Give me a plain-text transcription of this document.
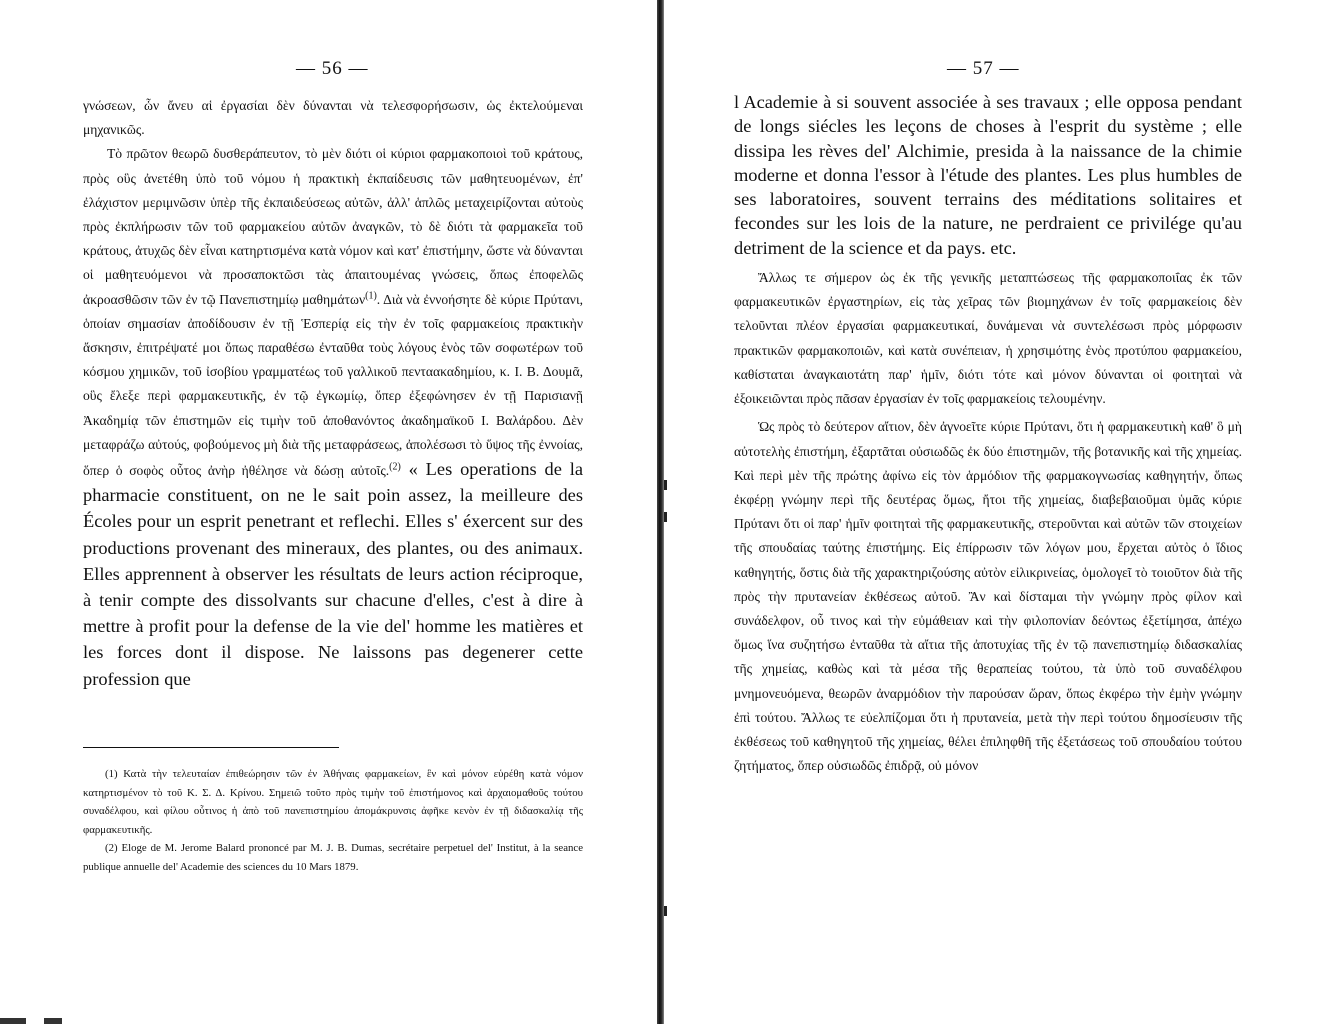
— 56 —

γνώσεων, ὧν ἄνευ αἱ ἐργασίαι δὲν δύνανται νὰ τελεσφορήσωσιν, ὡς ἐκτελούμεναι μηχανικῶς.

Τὸ πρῶτον θεωρῶ δυσθεράπευτον, τὸ μὲν διότι οἱ κύριοι φαρμακοποιοὶ τοῦ κράτους, πρὸς οὓς ἀνετέθη ὑπὸ τοῦ νόμου ἡ πρακτικὴ ἐκπαίδευσις τῶν μαθητευομένων, ἐπ' ἐλάχιστον μεριμνῶσιν ὑπὲρ τῆς ἐκπαιδεύσεως αὐτῶν, ἀλλ' ἁπλῶς μεταχειρίζονται αὐτοὺς πρὸς ἐκπλήρωσιν τῶν τοῦ φαρμακείου αὐτῶν ἀναγκῶν, τὸ δὲ διότι τὰ φαρμακεῖα τοῦ κράτους, ἀτυχῶς δὲν εἶναι κατηρτισμένα κατὰ νόμον καὶ κατ' ἐπιστήμην, ὥστε νὰ δύνανται οἱ μαθητευόμενοι νὰ προσαποκτῶσι τὰς ἀπαιτουμένας γνώσεις, ὅπως ἐποφελῶς ἀκροασθῶσιν τῶν ἐν τῷ Πανεπιστημίῳ μαθημάτων$^{(1)}$. Διὰ νὰ ἐννοήσητε δὲ κύριε Πρύτανι, ὁποίαν σημασίαν ἀποδίδουσιν ἐν τῇ Ἑσπερίᾳ εἰς τὴν ἐν τοῖς φαρμακείοις πρακτικὴν ἄσκησιν, ἐπιτρέψατέ μοι ὅπως παραθέσω ἐνταῦθα τοὺς λόγους ἑνὸς τῶν σοφωτέρων τοῦ κόσμου χημικῶν, τοῦ ἰσοβίου γραμματέως τοῦ γαλλικοῦ πενταακαδημίου, κ. Ι. Β. Δουμᾶ, οὓς ἔλεξε περὶ φαρμακευτικῆς, ἐν τῷ ἐγκωμίῳ, ὅπερ ἐξεφώνησεν ἐν τῇ Παρισιανῇ Ἀκαδημίᾳ τῶν ἐπιστημῶν εἰς τιμὴν τοῦ ἀποθανόντος ἀκαδημαϊκοῦ Ι. Βαλάρδου. Δὲν μεταφράζω αὐτούς, φοβούμενος μὴ διὰ τῆς μεταφράσεως, ἀπολέσωσι τὸ ὕψος τῆς ἐννοίας, ὅπερ ὁ σοφὸς οὗτος ἀνὴρ ἠθέλησε νὰ δώσῃ αὐτοῖς.$^{(2)}$ « Les operations de la pharmacie constituent, on ne le sait poin assez, la meilleure des Écoles pour un esprit penetrant et reflechi. Elles s' éxercent sur des productions provenant des mineraux, des plantes, ou des animaux. Elles apprennent à observer les résultats de leurs action réciproque, à tenir compte des dissolvants sur chacune d'elles, c'est à dire à mettre à profit pour la defense de la vie del' homme les matières et les forces dont il dispose. Ne laissons pas degenerer cette profession que

(1) Κατὰ τὴν τελευταίαν ἐπιθεώρησιν τῶν ἐν Ἀθήναις φαρμακείων, ἓν καὶ μόνον εὑρέθη κατὰ νόμον κατηρτισμένον τὸ τοῦ Κ. Σ. Δ. Κρίνου. Σημειῶ τοῦτο πρὸς τιμὴν τοῦ ἐπιστήμονος καὶ ἀρχαιομαθοῦς τούτου συναδέλφου, καὶ φίλου οὗτινος ἡ ἀπὸ τοῦ πανεπιστημίου ἀπομάκρυνσις ἀφῆκε κενὸν ἐν τῇ διδασκαλίᾳ τῆς φαρμακευτικῆς.

(2) Eloge de M. Jerome Balard prononcé par M. J. B. Dumas, secrétaire perpetuel del' Institut, à la seance publique annuelle del' Academie des sciences du 10 Mars 1879.

— 57 —

l Academie à si souvent associée à ses travaux ; elle opposa pendant de longs siécles les leçons de choses à l'esprit du système ; elle dissipa les rèves del' Alchimie, presida à la naissance de la chimie moderne et donna l'essor à l'étude des plantes. Les plus humbles de ses laboratoires, souvent terrains des méditations solitaires et fecondes sur les lois de la nature, ne perdraient ce privilége qu'au detriment de la science et da pays. etc.

Ἄλλως τε σήμερον ὡς ἐκ τῆς γενικῆς μεταπτώσεως τῆς φαρμακοποιΐας ἐκ τῶν φαρμακευτικῶν ἐργαστηρίων, εἰς τὰς χεῖρας τῶν βιομηχάνων ἐν τοῖς φαρμακείοις δὲν τελοῦνται πλέον ἐργασίαι φαρμακευτικαί, δυνάμεναι νὰ συντελέσωσι πρὸς μόρφωσιν πρακτικῶν φαρμακοποιῶν, καὶ κατὰ συνέπειαν, ἡ χρησιμότης ἑνὸς προτύπου φαρμακείου, καθίσταται ἀναγκαιοτάτη παρ' ἡμῖν, διότι τότε καὶ μόνον δύνανται οἱ φοιτηταὶ νὰ ἐξοικειῶνται πρὸς πᾶσαν ἐργασίαν ἐν τοῖς φαρμακείοις τελουμένην.

Ὡς πρὸς τὸ δεύτερον αἴτιον, δὲν ἀγνοεῖτε κύριε Πρύτανι, ὅτι ἡ φαρμακευτικὴ καθ' ὃ μὴ αὐτοτελὴς ἐπιστήμη, ἐξαρτᾶται οὐσιωδῶς ἐκ δύο ἐπιστημῶν, τῆς βοτανικῆς καὶ τῆς χημείας. Καὶ περὶ μὲν τῆς πρώτης ἀφίνω εἰς τὸν ἁρμόδιον τῆς φαρμακογνωσίας καθηγητήν, ὅπως ἐκφέρῃ γνώμην περὶ τῆς δευτέρας ὅμως, ἤτοι τῆς χημείας, διαβεβαιοῦμαι ὑμᾶς κύριε Πρύτανι ὅτι οἱ παρ' ἡμῖν φοιτηταὶ τῆς φαρμακευτικῆς, στεροῦνται καὶ αὐτῶν τῶν στοιχείων τῆς σπουδαίας ταύτης ἐπιστήμης. Εἰς ἐπίρρωσιν τῶν λόγων μου, ἔρχεται αὐτὸς ὁ ἴδιος καθηγητής, ὅστις διὰ τῆς χαρακτηριζούσης αὐτὸν εἰλικρινείας, ὁμολογεῖ τὸ τοιοῦτον διὰ τῆς πρὸς τὴν πρυτανείαν ἐκθέσεως αὐτοῦ. Ἂν καὶ δίσταμαι τὴν γνώμην πρὸς φίλον καὶ συνάδελφον, οὗ τινος καὶ τὴν εὐμάθειαν καὶ τὴν φιλοπονίαν δεόντως ἐξετίμησα, ἀπέχω ὅμως ἵνα συζητήσω ἐνταῦθα τὰ αἴτια τῆς ἀποτυχίας τῆς ἐν τῷ πανεπιστημίῳ διδασκαλίας τῆς χημείας, καθὼς καὶ τὰ μέσα τῆς θεραπείας τούτου, τὰ ὑπὸ τοῦ συναδέλφου μνημονευόμενα, θεωρῶν ἀναρμόδιον τὴν παρούσαν ὥραν, ὅπως ἐκφέρω τὴν ἐμὴν γνώμην ἐπὶ τούτου. Ἄλλως τε εὐελπίζομαι ὅτι ἡ πρυτανεία, μετὰ τὴν περὶ τούτου δημοσίευσιν τῆς ἐκθέσεως τοῦ καθηγητοῦ τῆς χημείας, θέλει ἐπιληφθῆ τῆς ἐξετάσεως τοῦ σπουδαίου τούτου ζητήματος, ὅπερ οὐσιωδῶς ἐπιδρᾷ, οὐ μόνον
